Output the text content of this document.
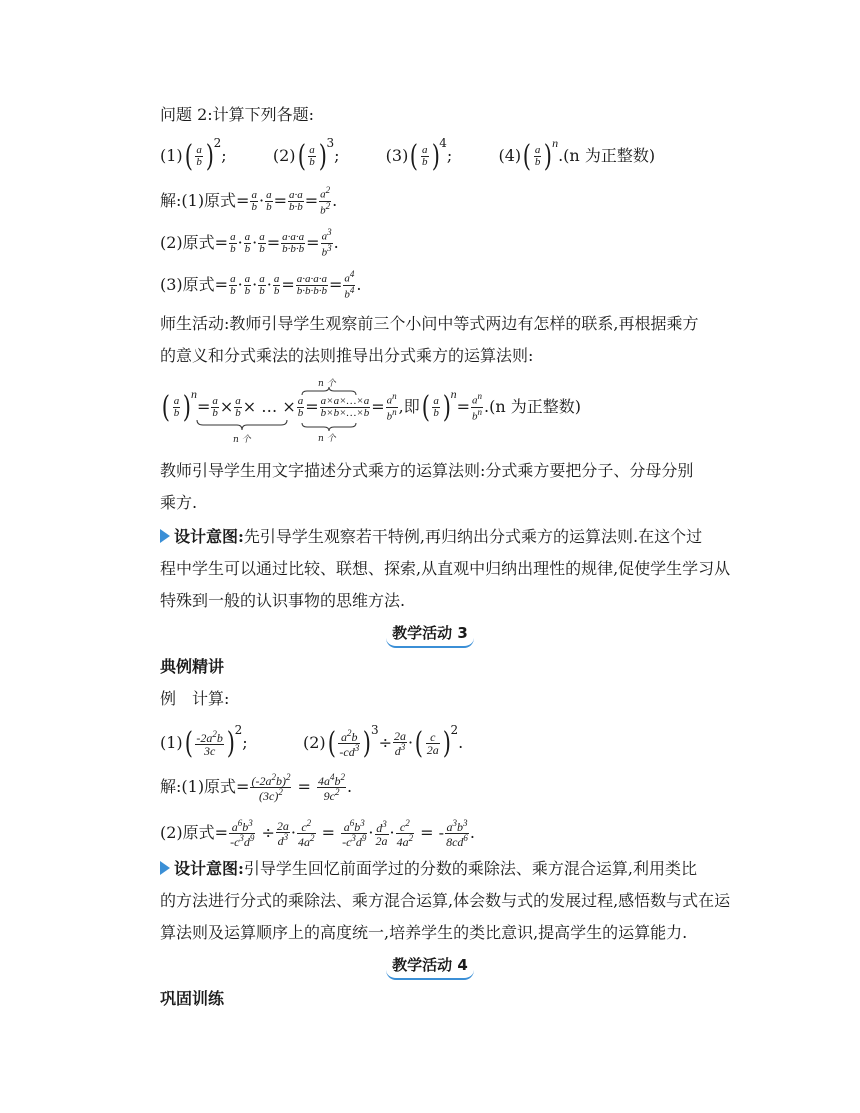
问题 2:计算下列各题:
$(1)( \frac{a}{b} )^2$;	$(2)( \frac{a}{b} )^3$;	$(3)( \frac{a}{b} )^4$;	$(4)( \frac{a}{b} )^n.(n$ 为正整数)
解:(1)原式= $\frac{a}{b} \cdot \frac{a}{b} = \frac{a\cdot a}{b\cdot b} = \frac{a^2}{b^2}$ .
(2)原式= $\frac{a}{b} \cdot \frac{a}{b} \cdot \frac{a}{b} = \frac{a\cdot a\cdot a}{b\cdot b\cdot b} = \frac{a^3}{b^3}$ .
(3)原式= $\frac{a}{b} \cdot \frac{a}{b} \cdot \frac{a}{b} \cdot \frac{a}{b} = \frac{a\cdot a\cdot a\cdot a}{b\cdot b\cdot b\cdot b} = \frac{a^4}{b^4}$ .
师生活动:教师引导学生观察前三个小问中等式两边有怎样的联系,再根据乘方
的意义和分式乘法的法则推导出分式乘方的运算法则:
( $\frac{a}{b} )^n= \frac{a}{b} \times \frac{a}{b}$ × … × $\frac{a}{b} = \frac{a\times a\times\dots\times a}{b\times b\times\dots\times b} = \frac{a^n}{b^n}$ ,即( $\frac{a}{b} )^n= \frac{a^n}{b^n} .(n$ 为正整数)
n 个
n 个
n 个
教师引导学生用文字描述分式乘方的运算法则:分式乘方要把分子、分母分别
乘方.
设计意图:先引导学生观察若干特例,再归纳出分式乘方的运算法则.在这个过
程中学生可以通过比较、联想、探索,从直观中归纳出理性的规律,促使学生学习从
特殊到一般的认识事物的思维方法.
教学活动 3
典例精讲
例　计算:
$(1)( \frac{-2a^2b}{3c} )^2$;	$(2)( \frac{a^2b}{-cd^3} )^3\div \frac{2a}{d^3}$ ·( $\frac{c}{2a} )^2$.
解:(1)原式= $\frac{(-2a^2b)^2}{(3c)^2} = \frac{4a^4b^2}{9c^2}$ .
(2)原式= $\frac{a^6b^3}{-c^3d^9} \div \frac{2a}{d^3} \cdot \frac{c^2}{4a^2} = \frac{a^6b^3}{-c^3d^9} \cdot \frac{d^3}{2a} \cdot \frac{c^2}{4a^2}$ = - $\frac{a^3b^3}{8cd^6}$ .
设计意图:引导学生回忆前面学过的分数的乘除法、乘方混合运算,利用类比
的方法进行分式的乘除法、乘方混合运算,体会数与式的发展过程,感悟数与式在运
算法则及运算顺序上的高度统一,培养学生的类比意识,提高学生的运算能力.
教学活动 4
巩固训练
